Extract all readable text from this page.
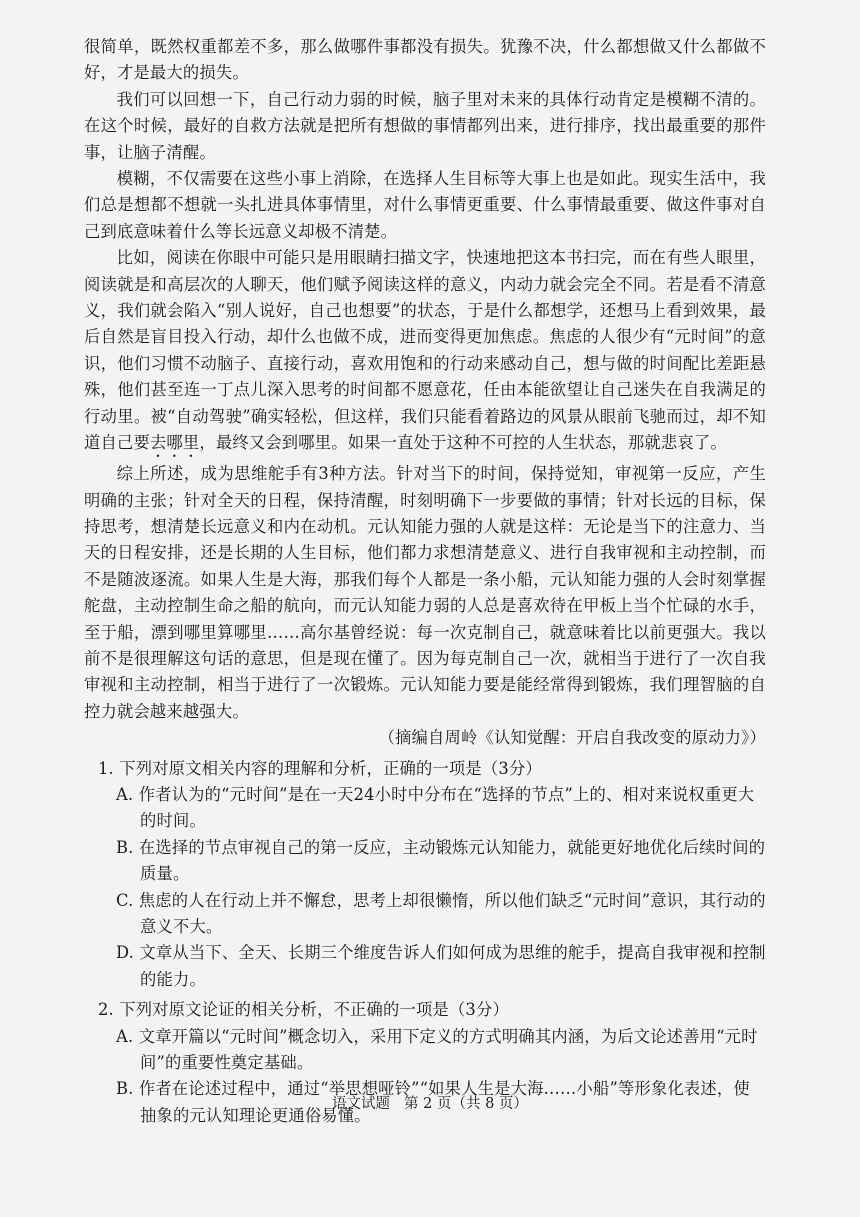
很简单，既然权重都差不多，那么做哪件事都没有损失。犹豫不决，什么都想做又什么都做不好，才是最大的损失。

我们可以回想一下，自己行动力弱的时候，脑子里对未来的具体行动肯定是模糊不清的。在这个时候，最好的自救方法就是把所有想做的事情都列出来，进行排序，找出最重要的那件事，让脑子清醒。

模糊，不仅需要在这些小事上消除，在选择人生目标等大事上也是如此。现实生活中，我们总是想都不想就一头扎进具体事情里，对什么事情更重要、什么事情最重要、做这件事对自己到底意味着什么等长远意义却极不清楚。

比如，阅读在你眼中可能只是用眼睛扫描文字，快速地把这本书扫完，而在有些人眼里，阅读就是和高层次的人聊天，他们赋予阅读这样的意义，内动力就会完全不同。若是看不清意义，我们就会陷入“别人说好，自己也想要”的状态，于是什么都想学，还想马上看到效果，最后自然是盲目投入行动，却什么也做不成，进而变得更加焦虑。焦虑的人很少有“元时间”的意识，他们习惯不动脑子、直接行动，喜欢用饱和的行动来感动自己，想与做的时间配比差距悬殊，他们甚至连一丁点儿深入思考的时间都不愿意花，任由本能欲望让自己迷失在自我满足的行动里。被“自动驾驶”确实轻松，但这样，我们只能看着路边的风景从眼前飞驰而过，却不知道自己要去哪里，最终又会到哪里。如果一直处于这种不可控的人生状态，那就悲哀了。

综上所述，成为思维舵手有3种方法。针对当下的时间，保持觉知，审视第一反应，产生明确的主张；针对全天的日程，保持清醒，时刻明确下一步要做的事情；针对长远的目标，保持思考，想清楚长远意义和内在动机。元认知能力强的人就是这样：无论是当下的注意力、当天的日程安排，还是长期的人生目标，他们都力求想清楚意义、进行自我审视和主动控制，而不是随波逐流。如果人生是大海，那我们每个人都是一条小船，元认知能力强的人会时刻掌握舵盘，主动控制生命之船的航向，而元认知能力弱的人总是喜欢待在甲板上当个忙碌的水手，至于船，漂到哪里算哪里……高尔基曾经说：每一次克制自己，就意味着比以前更强大。我以前不是很理解这句话的意思，但是现在懂了。因为每克制自己一次，就相当于进行了一次自我审视和主动控制，相当于进行了一次锻炼。元认知能力要是能经常得到锻炼，我们理智脑的自控力就会越来越强大。

（摘编自周岭《认知觉醒：开启自我改变的原动力》）

1. 下列对原文相关内容的理解和分析，正确的一项是（3分）

A. 作者认为的“元时间”是在一天24小时中分布在“选择的节点”上的、相对来说权重更大的时间。

B. 在选择的节点审视自己的第一反应，主动锻炼元认知能力，就能更好地优化后续时间的质量。

C. 焦虑的人在行动上并不懈怠，思考上却很懒惰，所以他们缺乏“元时间”意识，其行动的意义不大。

D. 文章从当下、全天、长期三个维度告诉人们如何成为思维的舵手，提高自我审视和控制的能力。

2. 下列对原文论证的相关分析，不正确的一项是（3分）

A. 文章开篇以“元时间”概念切入，采用下定义的方式明确其内涵，为后文论述善用“元时间”的重要性奠定基础。

B. 作者在论述过程中，通过“举思想哑铃”“如果人生是大海……小船”等形象化表述，使抽象的元认知理论更通俗易懂。

语文试题 第 2 页（共 8 页）
